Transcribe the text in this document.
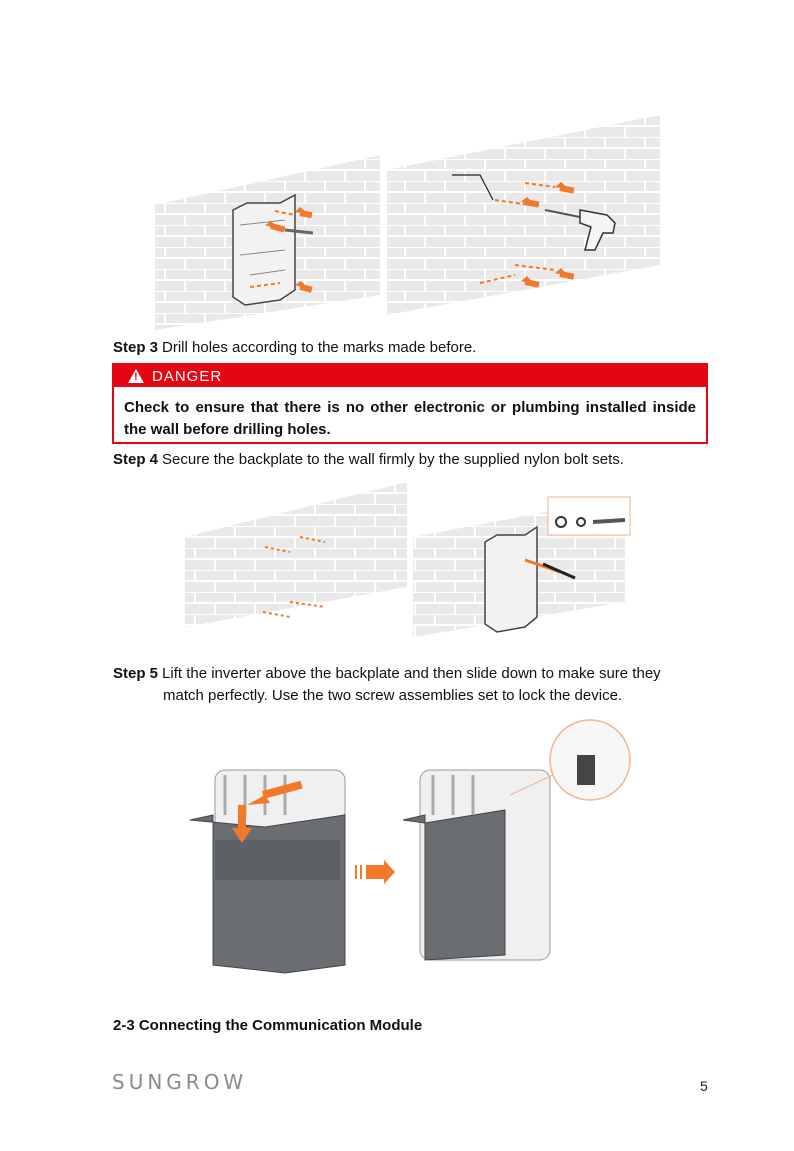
Step 3 Drill holes according to the marks made before.
! DANGER
Check to ensure that there is no other electronic or plumbing installed inside the wall before drilling holes.
Step 4 Secure the backplate to the wall firmly by the supplied nylon bolt sets.
Step 5 Lift the inverter above the backplate and then slide down to make sure they
match perfectly. Use the two screw assemblies set to lock the device.
2-3 Connecting the Communication Module
SUNGROW	5
